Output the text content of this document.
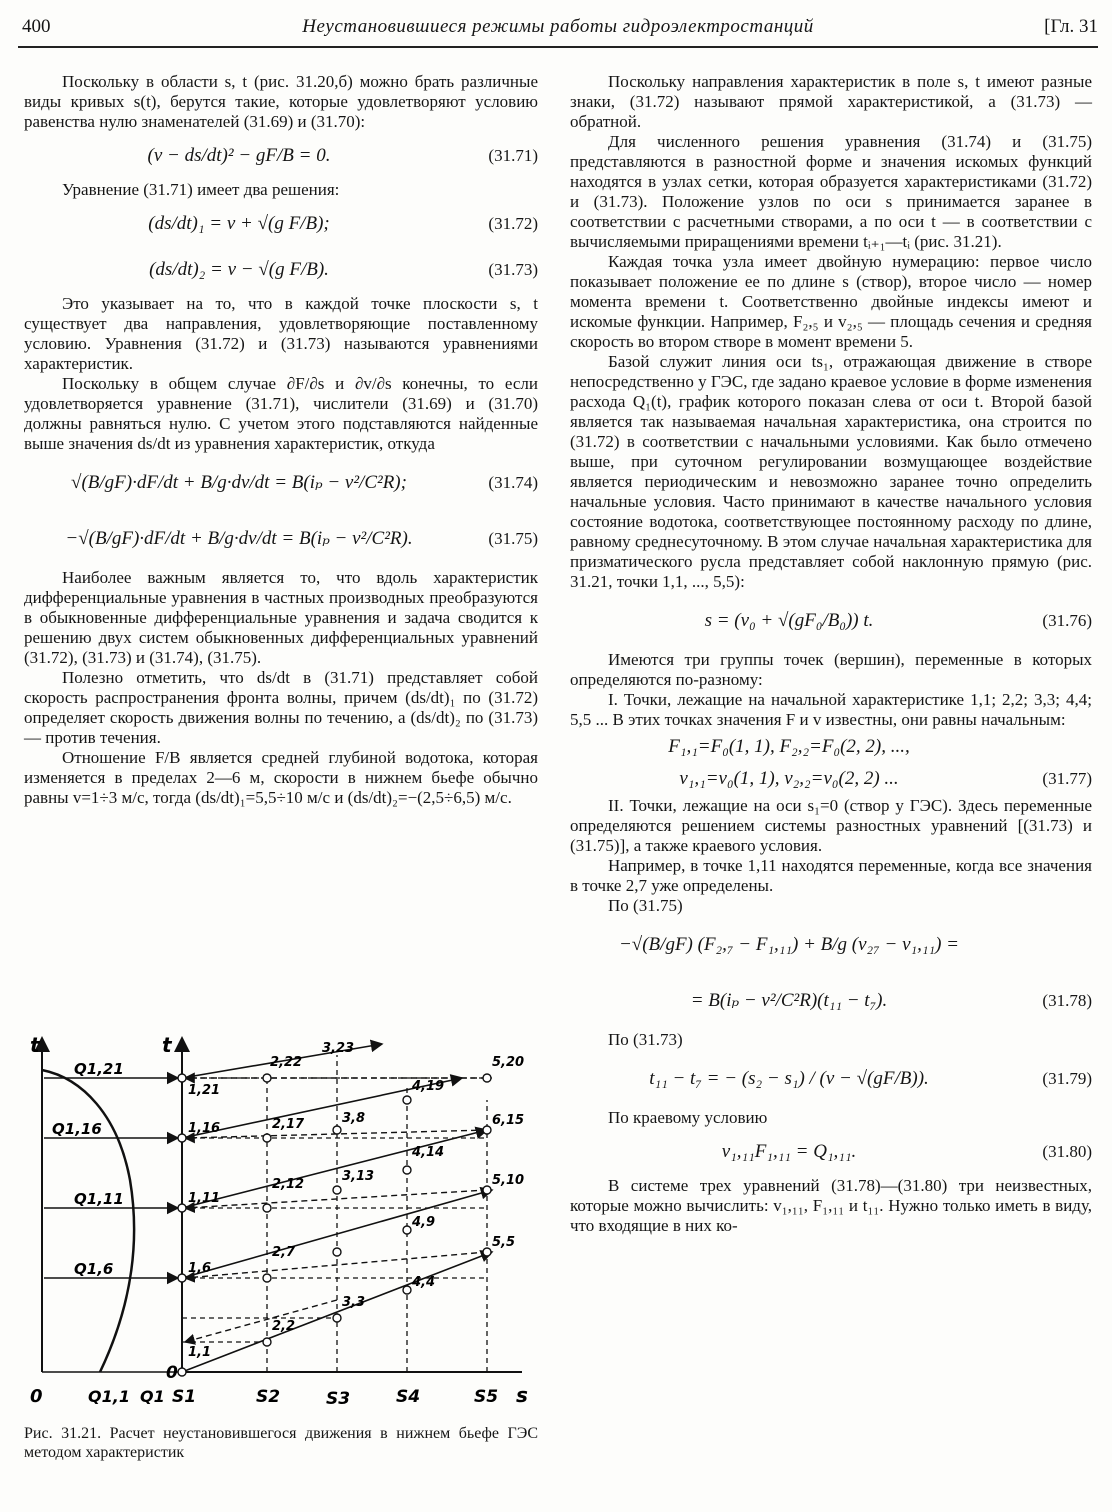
400	Неустановившиеся режимы работы гидроэлектростанций	[Гл. 31

Поскольку в области s, t (рис. 31.20,б) можно брать различные виды кривых s(t), берутся такие, которые удовлетворяют условию равенства нулю знаменателей (31.69) и (31.70):

(v − ds/dt)² − gF/B = 0.	(31.71)

Уравнение (31.71) имеет два решения:

(ds/dt)₁ = v + √(g F/B);	(31.72)
(ds/dt)₂ = v − √(g F/B).	(31.73)

Это указывает на то, что в каждой точке плоскости s, t существует два направления, удовлетворяющие поставленному условию. Уравнения (31.72) и (31.73) называются уравнениями характеристик.

Поскольку в общем случае ∂F/∂s и ∂v/∂s конечны, то если удовлетворяется уравнение (31.71), числители (31.69) и (31.70) должны равняться нулю. С учетом этого подставляются найденные выше значения ds/dt из уравнения характеристик, откуда

√(B/gF)·dF/dt + B/g·dv/dt = B(iₚ − v²/C²R);	(31.74)
−√(B/gF)·dF/dt + B/g·dv/dt = B(iₚ − v²/C²R).	(31.75)

Наиболее важным является то, что вдоль характеристик дифференциальные уравнения в частных производных преобразуются в обыкновенные дифференциальные уравнения и задача сводится к решению двух систем обыкновенных дифференциальных уравнений (31.72), (31.73) и (31.74), (31.75).

Полезно отметить, что ds/dt в (31.71) представляет собой скорость распространения фронта волны, причем (ds/dt)₁ по (31.72) определяет скорость движения волны по течению, а (ds/dt)₂ по (31.73) — против течения.

Отношение F/B является средней глубиной водотока, которая изменяется в пределах 2—6 м, скорости в нижнем бьефе обычно равны v=1÷3 м/с, тогда (ds/dt)₁=5,5÷10 м/с и (ds/dt)₂=−(2,5÷6,5) м/с.

t	t
s
0
0
Q1,21
Q1,16
Q1,11
Q1,6
Q1,1 Q1 S1	S2	S3	S4	S5
1,1
1,6
1,11
1,16
1,21
2,2
2,7
2,12
2,17
2,22
3,3
3,8
3,13
3,23
4,4
4,9
4,14
4,19
5,5
5,10
6,15
5,20
Рис. 31.21. Расчет неустановившегося движения в нижнем бьефе ГЭС методом характеристик

Поскольку направления характеристик в поле s, t имеют разные знаки, (31.72) называют прямой характеристикой, а (31.73) — обратной.

Для численного решения уравнения (31.74) и (31.75) представляются в разностной форме и значения искомых функций находятся в узлах сетки, которая образуется характеристиками (31.72) и (31.73). Положение узлов по оси s принимается заранее в соответствии с расчетными створами, а по оси t — в соответствии с вычисляемыми приращениями времени tᵢ₊₁—tᵢ (рис. 31.21).

Каждая точка узла имеет двойную нумерацию: первое число показывает положение ее по длине s (створ), второе число — номер момента времени t. Соответственно двойные индексы имеют и искомые функции. Например, F₂,₅ и v₂,₅ — площадь сечения и средняя скорость во втором створе в момент времени 5.

Базой служит линия оси ts₁, отражающая движение в створе непосредственно у ГЭС, где задано краевое условие в форме изменения расхода Q₁(t), график которого показан слева от оси t. Второй базой является так называемая начальная характеристика, она строится по (31.72) в соответствии с начальными условиями. Как было отмечено выше, при суточном регулировании возмущающее воздействие является периодическим и невозможно заранее точно определить начальные условия. Часто принимают в качестве начального условия состояние водотока, соответствующее постоянному расходу по длине, равному среднесуточному. В этом случае начальная характеристика для призматического русла представляет собой наклонную прямую (рис. 31.21, точки 1,1, ..., 5,5):

s = (v₀ + √(gF₀/B₀)) t.	(31.76)

Имеются три группы точек (вершин), переменные в которых определяются по-разному:

I. Точки, лежащие на начальной характеристике 1,1; 2,2; 3,3; 4,4; 5,5 ... В этих точках значения F и v известны, они равны начальным:

F₁,₁=F₀(1, 1), F₂,₂=F₀(2, 2), ...,
v₁,₁=v₀(1, 1), v₂,₂=v₀(2, 2) ...	(31.77)

II. Точки, лежащие на оси s₁=0 (створ у ГЭС). Здесь переменные определяются решением системы разностных уравнений [(31.73) и (31.75)], а также краевого условия.

Например, в точке 1,11 находятся переменные, когда все значения в точке 2,7 уже определены.

По (31.75)

−√(B/gF) (F₂,₇ − F₁,₁₁) + B/g (v₂₇ − v₁,₁₁) =
= B(iₚ − v²/C²R)(t₁₁ − t₇).	(31.78)

По (31.73)

t₁₁ − t₇ = − (s₂ − s₁) / (v − √(gF/B)).	(31.79)

По краевому условию

v₁,₁₁F₁,₁₁ = Q₁,₁₁.	(31.80)

В системе трех уравнений (31.78)—(31.80) три неизвестных, которые можно вычислить: v₁,₁₁, F₁,₁₁ и t₁₁. Нужно только иметь в виду, что входящие в них ко-
